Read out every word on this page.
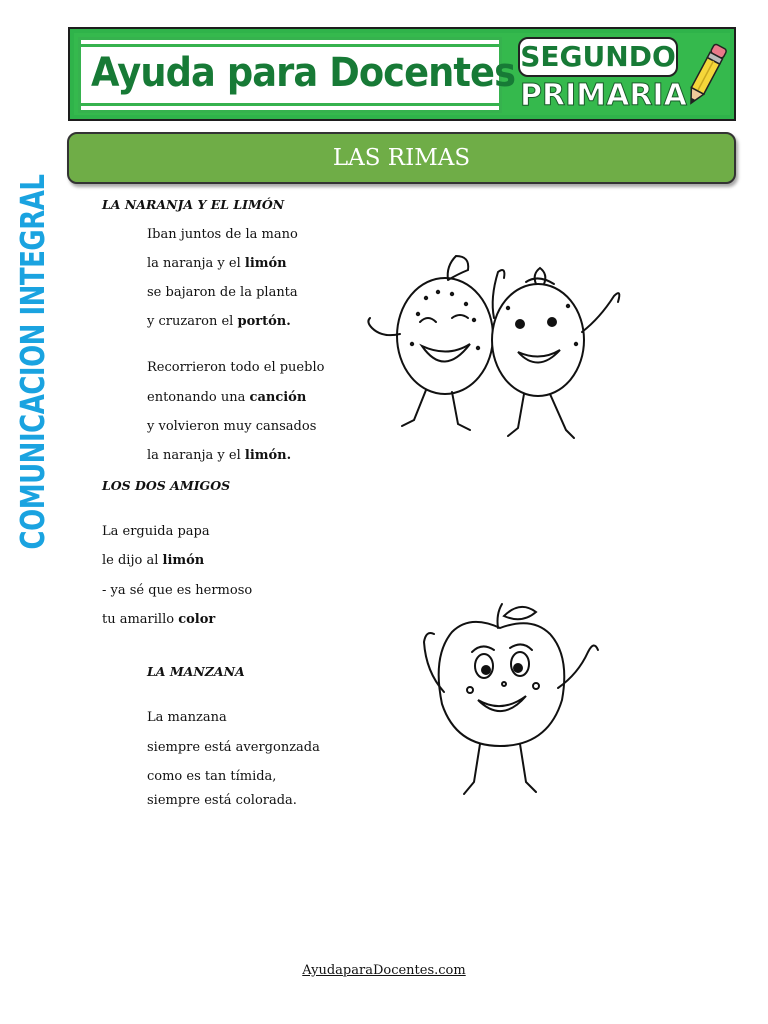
Ayuda para Docentes SEGUNDO
PRIMARIA
LAS RIMAS
COMUNICACION INTEGRAL	LA NARANJA Y EL LIMÓN
Iban juntos de la mano
la naranja y el limón
se bajaron de la planta
y cruzaron el portón.
Recorrieron todo el pueblo
entonando una canción
y volvieron muy cansados
la naranja y el limón.
LOS DOS AMIGOS
La erguida papa
le dijo al limón
- ya sé que es hermoso
tu amarillo color
LA MANZANA
La manzana
siempre está avergonzada
como es tan tímida,
siempre está colorada.
AyudaparaDocentes.com
